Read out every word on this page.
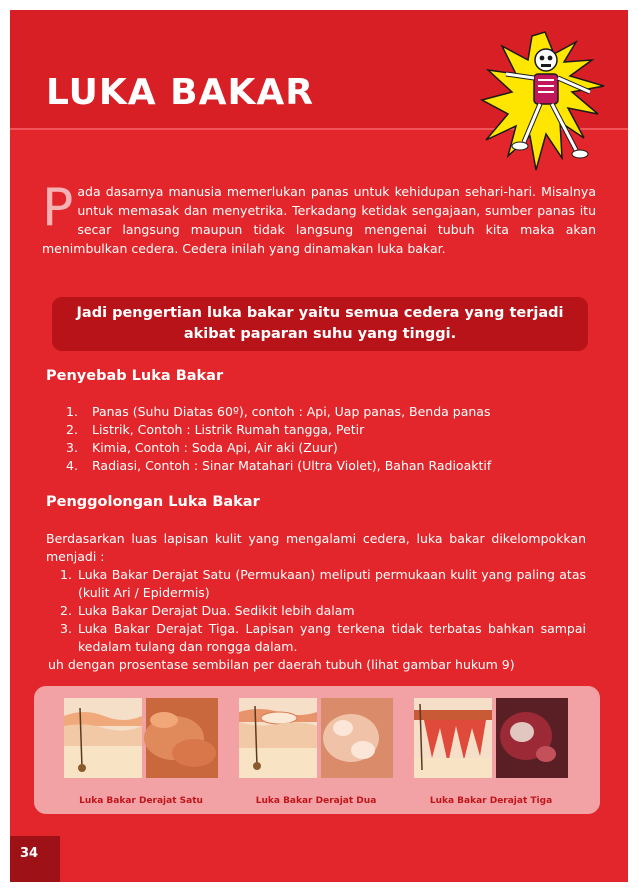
LUKA BAKAR
P ada dasarnya manusia memerlukan panas untuk kehidupan sehari-hari. Misalnya untuk memasak dan menyetrika. Terkadang ketidak sengajaan, sumber panas itu secar langsung maupun tidak langsung mengenai tubuh kita maka akan menimbulkan cedera. Cedera inilah yang dinamakan luka bakar.
Jadi pengertian luka bakar yaitu semua cedera yang terjadi akibat paparan suhu yang tinggi.
Penyebab Luka Bakar
1. Panas (Suhu Diatas 60º), contoh : Api, Uap panas, Benda panas
2. Listrik, Contoh : Listrik Rumah tangga, Petir
3. Kimia, Contoh : Soda Api, Air aki (Zuur)
4. Radiasi, Contoh : Sinar Matahari (Ultra Violet), Bahan Radioaktif
Penggolongan Luka Bakar

Berdasarkan luas lapisan kulit yang mengalami cedera, luka bakar dikelompokkan menjadi :

1. Luka Bakar Derajat Satu (Permukaan) meliputi permukaan kulit yang paling atas (kulit Ari / Epidermis)
2. Luka Bakar Derajat Dua. Sedikit lebih dalam
3. Luka Bakar Derajat Tiga. Lapisan yang terkena tidak terbatas bahkan sampai kedalam tulang dan rongga dalam.

uh dengan prosentase sembilan per daerah tubuh (lihat gambar hukum 9)

Luka Bakar Derajat Satu	Luka Bakar Derajat Dua	Luka Bakar Derajat Tiga
34
